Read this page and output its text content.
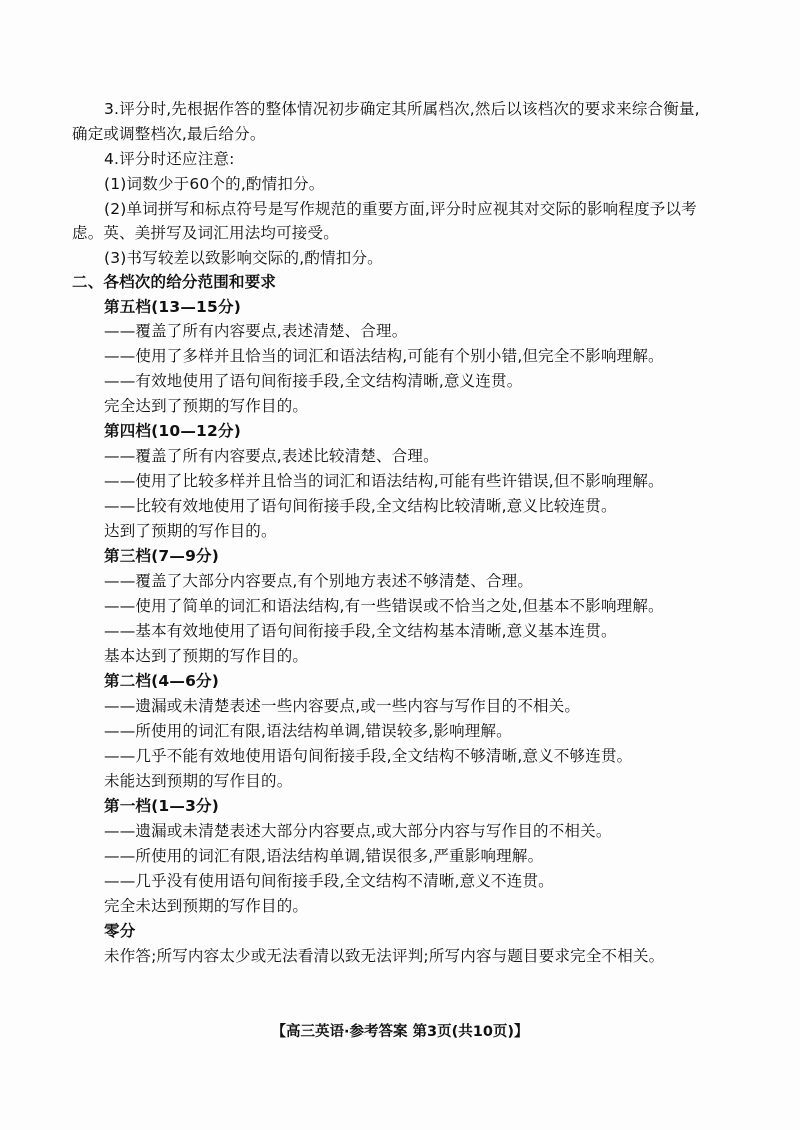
3.评分时,先根据作答的整体情况初步确定其所属档次,然后以该档次的要求来综合衡量,
确定或调整档次,最后给分。
4.评分时还应注意:
(1)词数少于60个的,酌情扣分。
(2)单词拼写和标点符号是写作规范的重要方面,评分时应视其对交际的影响程度予以考
虑。英、美拼写及词汇用法均可接受。
(3)书写较差以致影响交际的,酌情扣分。
二、各档次的给分范围和要求
第五档(13—15分)
——覆盖了所有内容要点,表述清楚、合理。
——使用了多样并且恰当的词汇和语法结构,可能有个别小错,但完全不影响理解。
——有效地使用了语句间衔接手段,全文结构清晰,意义连贯。
完全达到了预期的写作目的。
第四档(10—12分)
——覆盖了所有内容要点,表述比较清楚、合理。
——使用了比较多样并且恰当的词汇和语法结构,可能有些许错误,但不影响理解。
——比较有效地使用了语句间衔接手段,全文结构比较清晰,意义比较连贯。
达到了预期的写作目的。
第三档(7—9分)
——覆盖了大部分内容要点,有个别地方表述不够清楚、合理。
——使用了简单的词汇和语法结构,有一些错误或不恰当之处,但基本不影响理解。
——基本有效地使用了语句间衔接手段,全文结构基本清晰,意义基本连贯。
基本达到了预期的写作目的。
第二档(4—6分)
——遗漏或未清楚表述一些内容要点,或一些内容与写作目的不相关。
——所使用的词汇有限,语法结构单调,错误较多,影响理解。
——几乎不能有效地使用语句间衔接手段,全文结构不够清晰,意义不够连贯。
未能达到预期的写作目的。
第一档(1—3分)
——遗漏或未清楚表述大部分内容要点,或大部分内容与写作目的不相关。
——所使用的词汇有限,语法结构单调,错误很多,严重影响理解。
——几乎没有使用语句间衔接手段,全文结构不清晰,意义不连贯。
完全未达到预期的写作目的。
零分
未作答;所写内容太少或无法看清以致无法评判;所写内容与题目要求完全不相关。
【高三英语·参考答案 第3页(共10页)】
